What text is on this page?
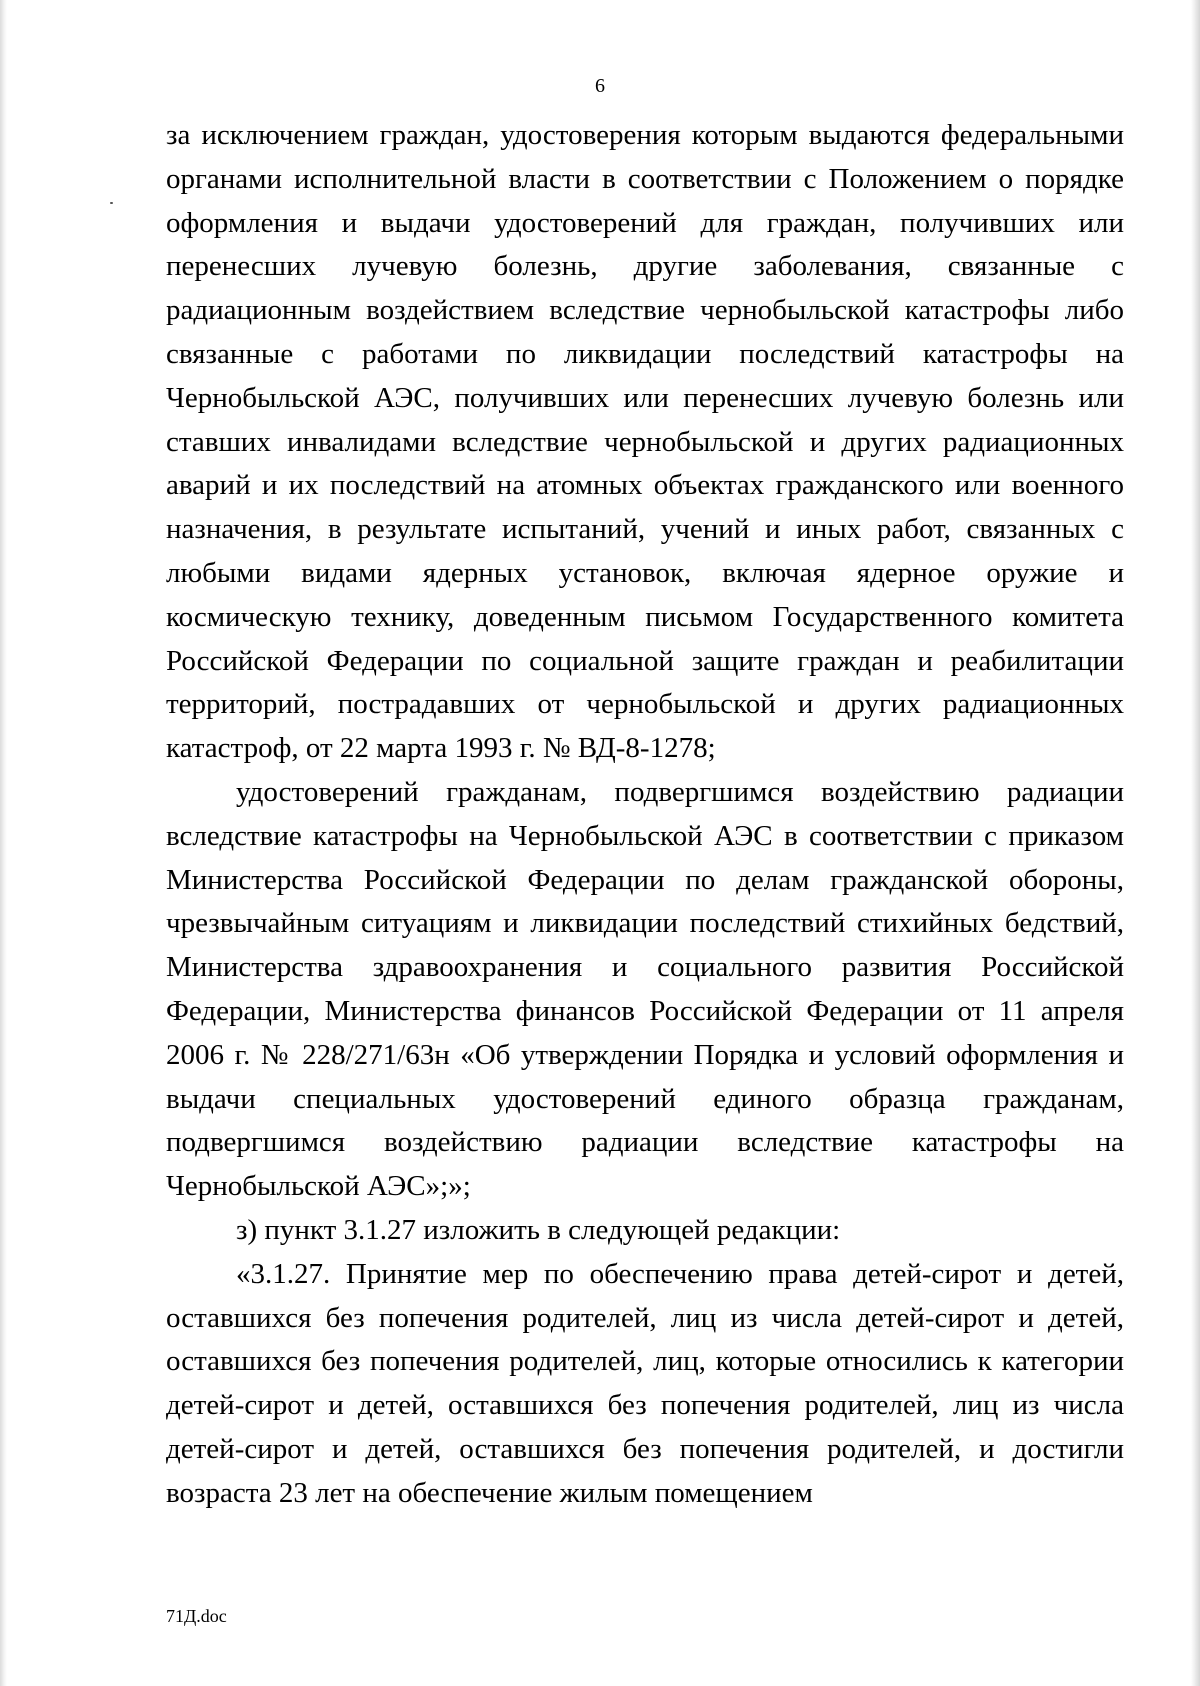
6

за исключением граждан, удостоверения которым выдаются федеральными органами исполнительной власти в соответствии с Положением о порядке оформления и выдачи удостоверений для граждан, получивших или перенесших лучевую болезнь, другие заболевания, связанные с радиационным воздействием вследствие чернобыльской катастрофы либо связанные с работами по ликвидации последствий катастрофы на Чернобыльской АЭС, получивших или перенесших лучевую болезнь или ставших инвалидами вследствие чернобыльской и других радиационных аварий и их последствий на атомных объектах гражданского или военного назначения, в результате испытаний, учений и иных работ, связанных с любыми видами ядерных установок, включая ядерное оружие и космическую технику, доведенным письмом Государственного комитета Российской Федерации по социальной защите граждан и реабилитации территорий, пострадавших от чернобыльской и других радиационных катастроф, от 22 марта 1993 г. № ВД-8-1278;

удостоверений гражданам, подвергшимся воздействию радиации вследствие катастрофы на Чернобыльской АЭС в соответствии с приказом Министерства Российской Федерации по делам гражданской обороны, чрезвычайным ситуациям и ликвидации последствий стихийных бедствий, Министерства здравоохранения и социального развития Российской Федерации, Министерства финансов Российской Федерации от 11 апреля 2006 г. № 228/271/63н «Об утверждении Порядка и условий оформления и выдачи специальных удостоверений единого образца гражданам, подвергшимся воздействию радиации вследствие катастрофы на Чернобыльской АЭС»;»;

з) пункт 3.1.27 изложить в следующей редакции:

«3.1.27. Принятие мер по обеспечению права детей-сирот и детей, оставшихся без попечения родителей, лиц из числа детей-сирот и детей, оставшихся без попечения родителей, лиц, которые относились к категории детей-сирот и детей, оставшихся без попечения родителей, лиц из числа детей-сирот и детей, оставшихся без попечения родителей, и достигли возраста 23 лет на обеспечение жилым помещением

71Д.doc
